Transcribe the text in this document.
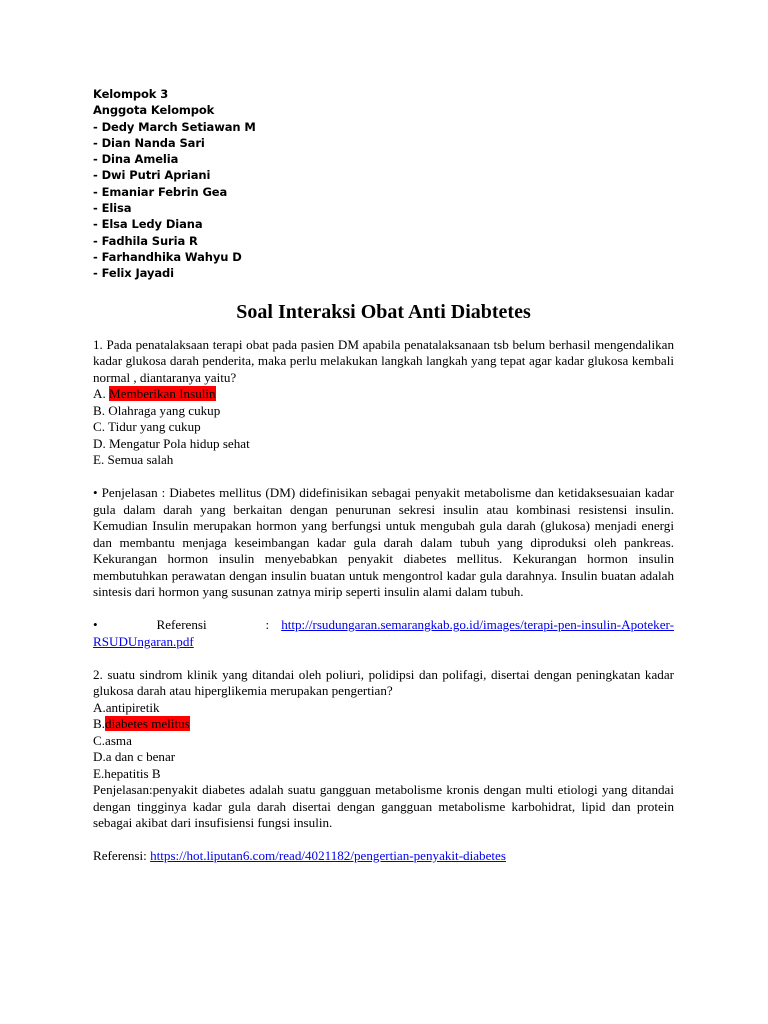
Kelompok 3
Anggota Kelompok
- Dedy March Setiawan M
- Dian Nanda Sari
- Dina Amelia
- Dwi Putri Apriani
- Emaniar Febrin Gea
- Elisa
- Elsa Ledy Diana
- Fadhila Suria R
- Farhandhika Wahyu D
- Felix Jayadi
Soal Interaksi Obat Anti Diabtetes
1. Pada penatalaksaan terapi obat pada pasien DM apabila penatalaksanaan tsb belum berhasil mengendalikan kadar glukosa darah penderita, maka perlu melakukan langkah langkah yang tepat agar kadar glukosa kembali normal , diantaranya yaitu?
A. Memberikan Insulin
B. Olahraga yang cukup
C. Tidur yang cukup
D. Mengatur Pola hidup sehat
E. Semua salah
• Penjelasan : Diabetes mellitus (DM) didefinisikan sebagai penyakit metabolisme dan ketidaksesuaian kadar gula dalam darah yang berkaitan dengan penurunan sekresi insulin atau kombinasi resistensi insulin. Kemudian Insulin merupakan hormon yang berfungsi untuk mengubah gula darah (glukosa) menjadi energi dan membantu menjaga keseimbangan kadar gula darah dalam tubuh yang diproduksi oleh pankreas. Kekurangan hormon insulin menyebabkan penyakit diabetes mellitus. Kekurangan hormon insulin membutuhkan perawatan dengan insulin buatan untuk mengontrol kadar gula darahnya. Insulin buatan adalah sintesis dari hormon yang susunan zatnya mirip seperti insulin alami dalam tubuh.
•	Referensi	: http://rsudungaran.semarangkab.go.id/images/terapi-pen-insulin-Apoteker-
RSUDUngaran.pdf
2. suatu sindrom klinik yang ditandai oleh poliuri, polidipsi dan polifagi, disertai dengan peningkatan kadar glukosa darah atau hiperglikemia merupakan pengertian?
A.antipiretik
B.diabetes melitus
C.asma
D.a dan c benar
E.hepatitis B
Penjelasan:penyakit diabetes adalah suatu gangguan metabolisme kronis dengan multi etiologi yang ditandai dengan tingginya kadar gula darah disertai dengan gangguan metabolisme karbohidrat, lipid dan protein sebagai akibat dari insufisiensi fungsi insulin.
Referensi: https://hot.liputan6.com/read/4021182/pengertian-penyakit-diabetes
